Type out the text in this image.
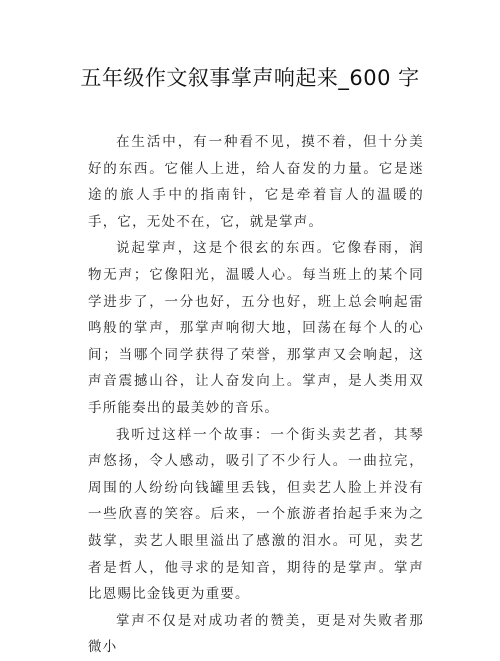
五年级作文叙事掌声响起来_600 字

在生活中，有一种看不见，摸不着，但十分美好的东西。它催人上进，给人奋发的力量。它是迷途的旅人手中的指南针，它是牵着盲人的温暖的手，它，无处不在，它，就是掌声。

说起掌声，这是个很玄的东西。它像春雨，润物无声；它像阳光，温暖人心。每当班上的某个同学进步了，一分也好，五分也好，班上总会响起雷鸣般的掌声，那掌声响彻大地，回荡在每个人的心间；当哪个同学获得了荣誉，那掌声又会响起，这声音震撼山谷，让人奋发向上。掌声，是人类用双手所能奏出的最美妙的音乐。

我听过这样一个故事：一个街头卖艺者，其琴声悠扬，令人感动，吸引了不少行人。一曲拉完，周围的人纷纷向钱罐里丢钱，但卖艺人脸上并没有一些欣喜的笑容。后来，一个旅游者抬起手来为之鼓掌，卖艺人眼里溢出了感激的泪水。可见，卖艺者是哲人，他寻求的是知音，期待的是掌声。掌声比恩赐比金钱更为重要。

掌声不仅是对成功者的赞美，更是对失败者那微小
